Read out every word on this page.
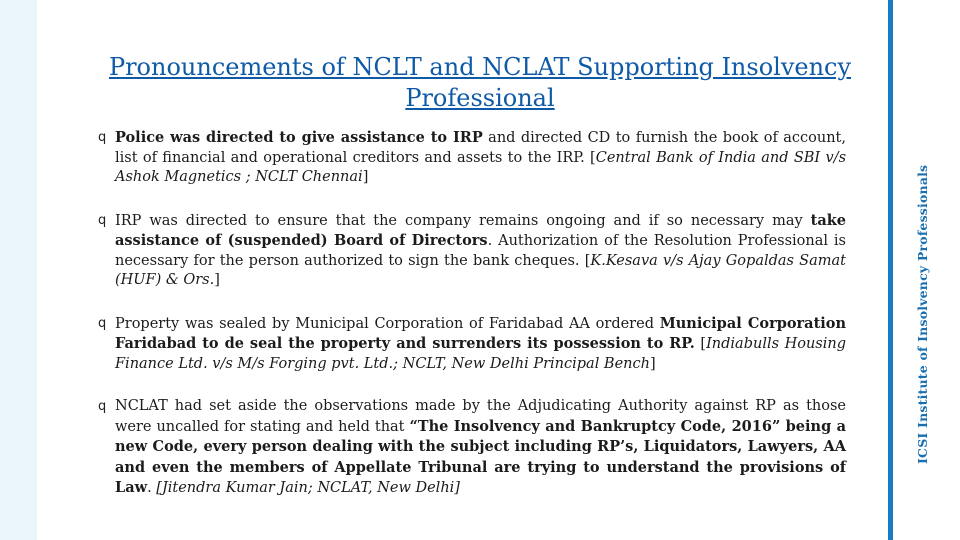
ICSI Institute of Insolvency Professionals
Pronouncements of NCLT and NCLAT Supporting Insolvency Professional
q Police was directed to give assistance to IRP and directed CD to furnish the book of account, list of financial and operational creditors and assets to the IRP. [Central Bank of India and SBI v/s Ashok Magnetics ; NCLT Chennai]
q IRP was directed to ensure that the company remains ongoing and if so necessary may take assistance of (suspended) Board of Directors. Authorization of the Resolution Professional is necessary for the person authorized to sign the bank cheques. [K.Kesava v/s Ajay Gopaldas Samat (HUF) & Ors.]
q Property was sealed by Municipal Corporation of Faridabad AA ordered Municipal Corporation Faridabad to de seal the property and surrenders its possession to RP. [Indiabulls Housing Finance Ltd. v/s M/s Forging pvt. Ltd.; NCLT, New Delhi Principal Bench]
q NCLAT had set aside the observations made by the Adjudicating Authority against RP as those were uncalled for stating and held that “The Insolvency and Bankruptcy Code, 2016” being a new Code, every person dealing with the subject including RP’s, Liquidators, Lawyers, AA and even the members of Appellate Tribunal are trying to understand the provisions of Law. [Jitendra Kumar Jain; NCLAT, New Delhi]
